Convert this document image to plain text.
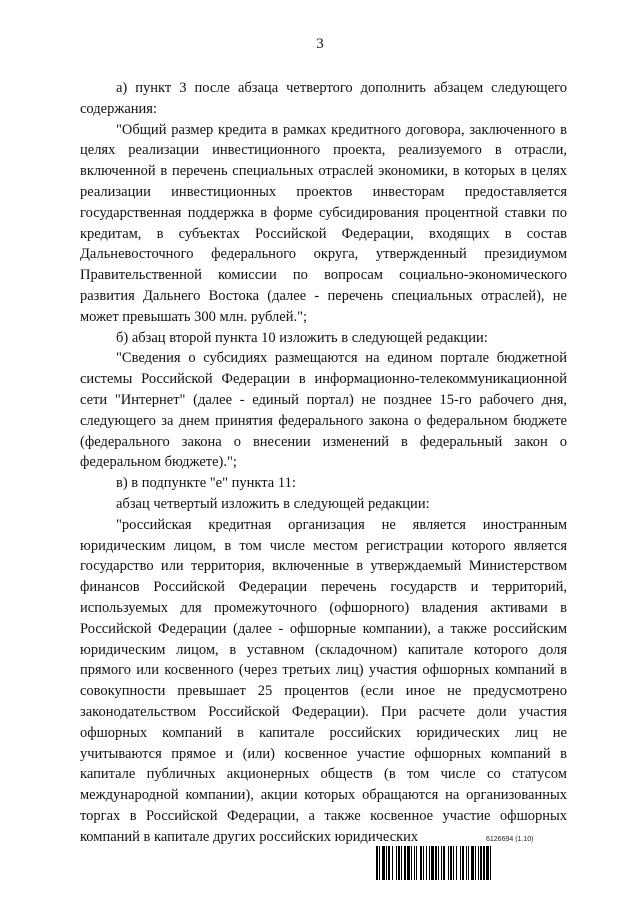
3

а) пункт 3 после абзаца четвертого дополнить абзацем следующего содержания:

"Общий размер кредита в рамках кредитного договора, заключенного в целях реализации инвестиционного проекта, реализуемого в отрасли, включенной в перечень специальных отраслей экономики, в которых в целях реализации инвестиционных проектов инвесторам предоставляется государственная поддержка в форме субсидирования процентной ставки по кредитам, в субъектах Российской Федерации, входящих в состав Дальневосточного федерального округа, утвержденный президиумом Правительственной комиссии по вопросам социально-экономического развития Дальнего Востока (далее - перечень специальных отраслей), не может превышать 300 млн. рублей.";

б) абзац второй пункта 10 изложить в следующей редакции:

"Сведения о субсидиях размещаются на едином портале бюджетной системы Российской Федерации в информационно-телекоммуникационной сети "Интернет" (далее - единый портал) не позднее 15-го рабочего дня, следующего за днем принятия федерального закона о федеральном бюджете (федерального закона о внесении изменений в федеральный закон о федеральном бюджете).";

в) в подпункте "е" пункта 11:

абзац четвертый изложить в следующей редакции:

"российская кредитная организация не является иностранным юридическим лицом, в том числе местом регистрации которого является государство или территория, включенные в утверждаемый Министерством финансов Российской Федерации перечень государств и территорий, используемых для промежуточного (офшорного) владения активами в Российской Федерации (далее - офшорные компании), а также российским юридическим лицом, в уставном (складочном) капитале которого доля прямого или косвенного (через третьих лиц) участия офшорных компаний в совокупности превышает 25 процентов (если иное не предусмотрено законодательством Российской Федерации). При расчете доли участия офшорных компаний в капитале российских юридических лиц не учитываются прямое и (или) косвенное участие офшорных компаний в капитале публичных акционерных обществ (в том числе со статусом международной компании), акции которых обращаются на организованных торгах в Российской Федерации, а также косвенное участие офшорных компаний в капитале других российских юридических	6126694 (1.10)
